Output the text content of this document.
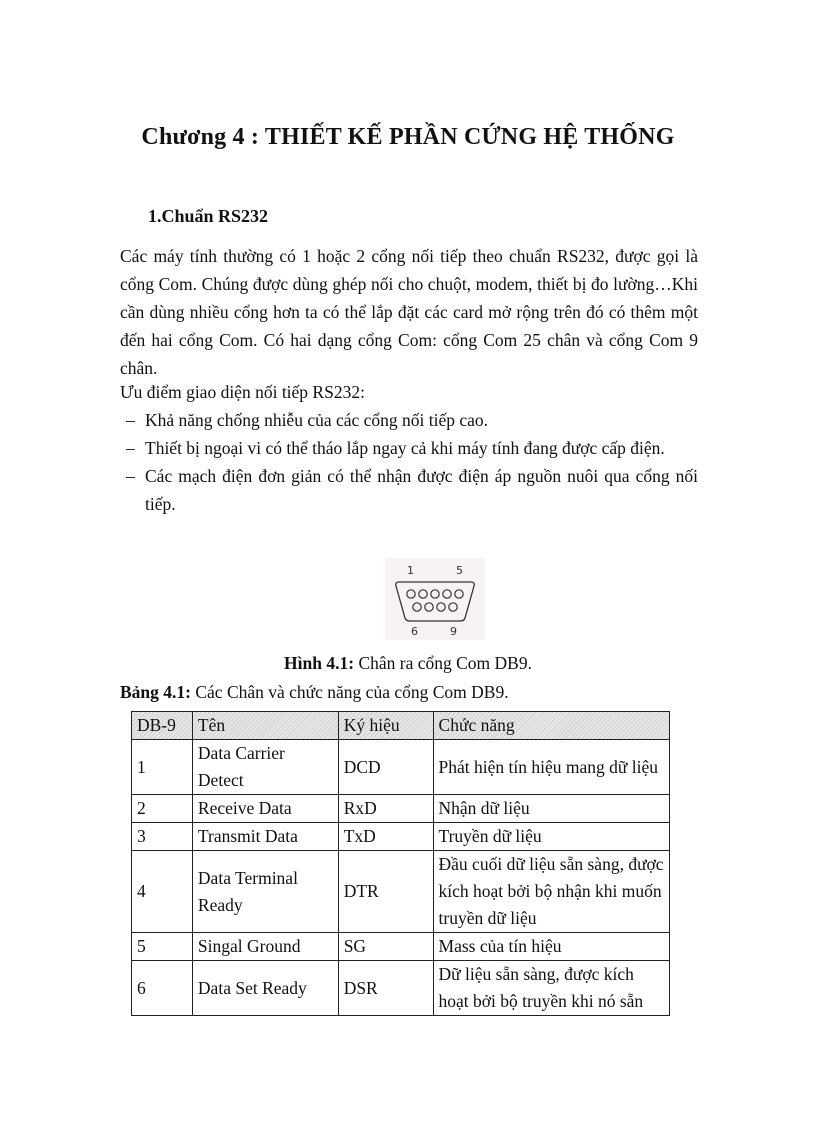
Chương 4 : THIẾT KẾ PHẦN CỨNG HỆ THỐNG
1.Chuẩn RS232

Các máy tính thường có 1 hoặc 2 cổng nối tiếp theo chuẩn RS232, được gọi là cổng Com. Chúng được dùng ghép nối cho chuột, modem, thiết bị đo lường…Khi cần dùng nhiều cổng hơn ta có thể lắp đặt các card mở rộng trên đó có thêm một đến hai cổng Com. Có hai dạng cổng Com: cổng Com 25 chân và cổng Com 9 chân.

Ưu điểm giao diện nối tiếp RS232:

– Khả năng chống nhiễu của các cổng nối tiếp cao.
– Thiết bị ngoại vi có thể tháo lắp ngay cả khi máy tính đang được cấp điện.
– Các mạch điện đơn giản có thể nhận được điện áp nguồn nuôi qua cổng nối tiếp.
1	5
6	9

Hình 4.1: Chân ra cổng Com DB9.

Bảng 4.1: Các Chân và chức năng của cổng Com DB9.

DB-9	Tên	Ký hiệu	Chức năng
1	Data Carrier Detect	DCD	Phát hiện tín hiệu mang dữ liệu
2	Receive Data	RxD	Nhận dữ liệu
3	Transmit Data	TxD	Truyền dữ liệu
4	Data Terminal Ready	DTR	Đầu cuối dữ liệu sẵn sàng, được kích hoạt bởi bộ nhận khi muốn truyền dữ liệu
5	Singal Ground	SG	Mass của tín hiệu
6	Data Set Ready	DSR	Dữ liệu sẵn sàng, được kích hoạt bởi bộ truyền khi nó sẵn
